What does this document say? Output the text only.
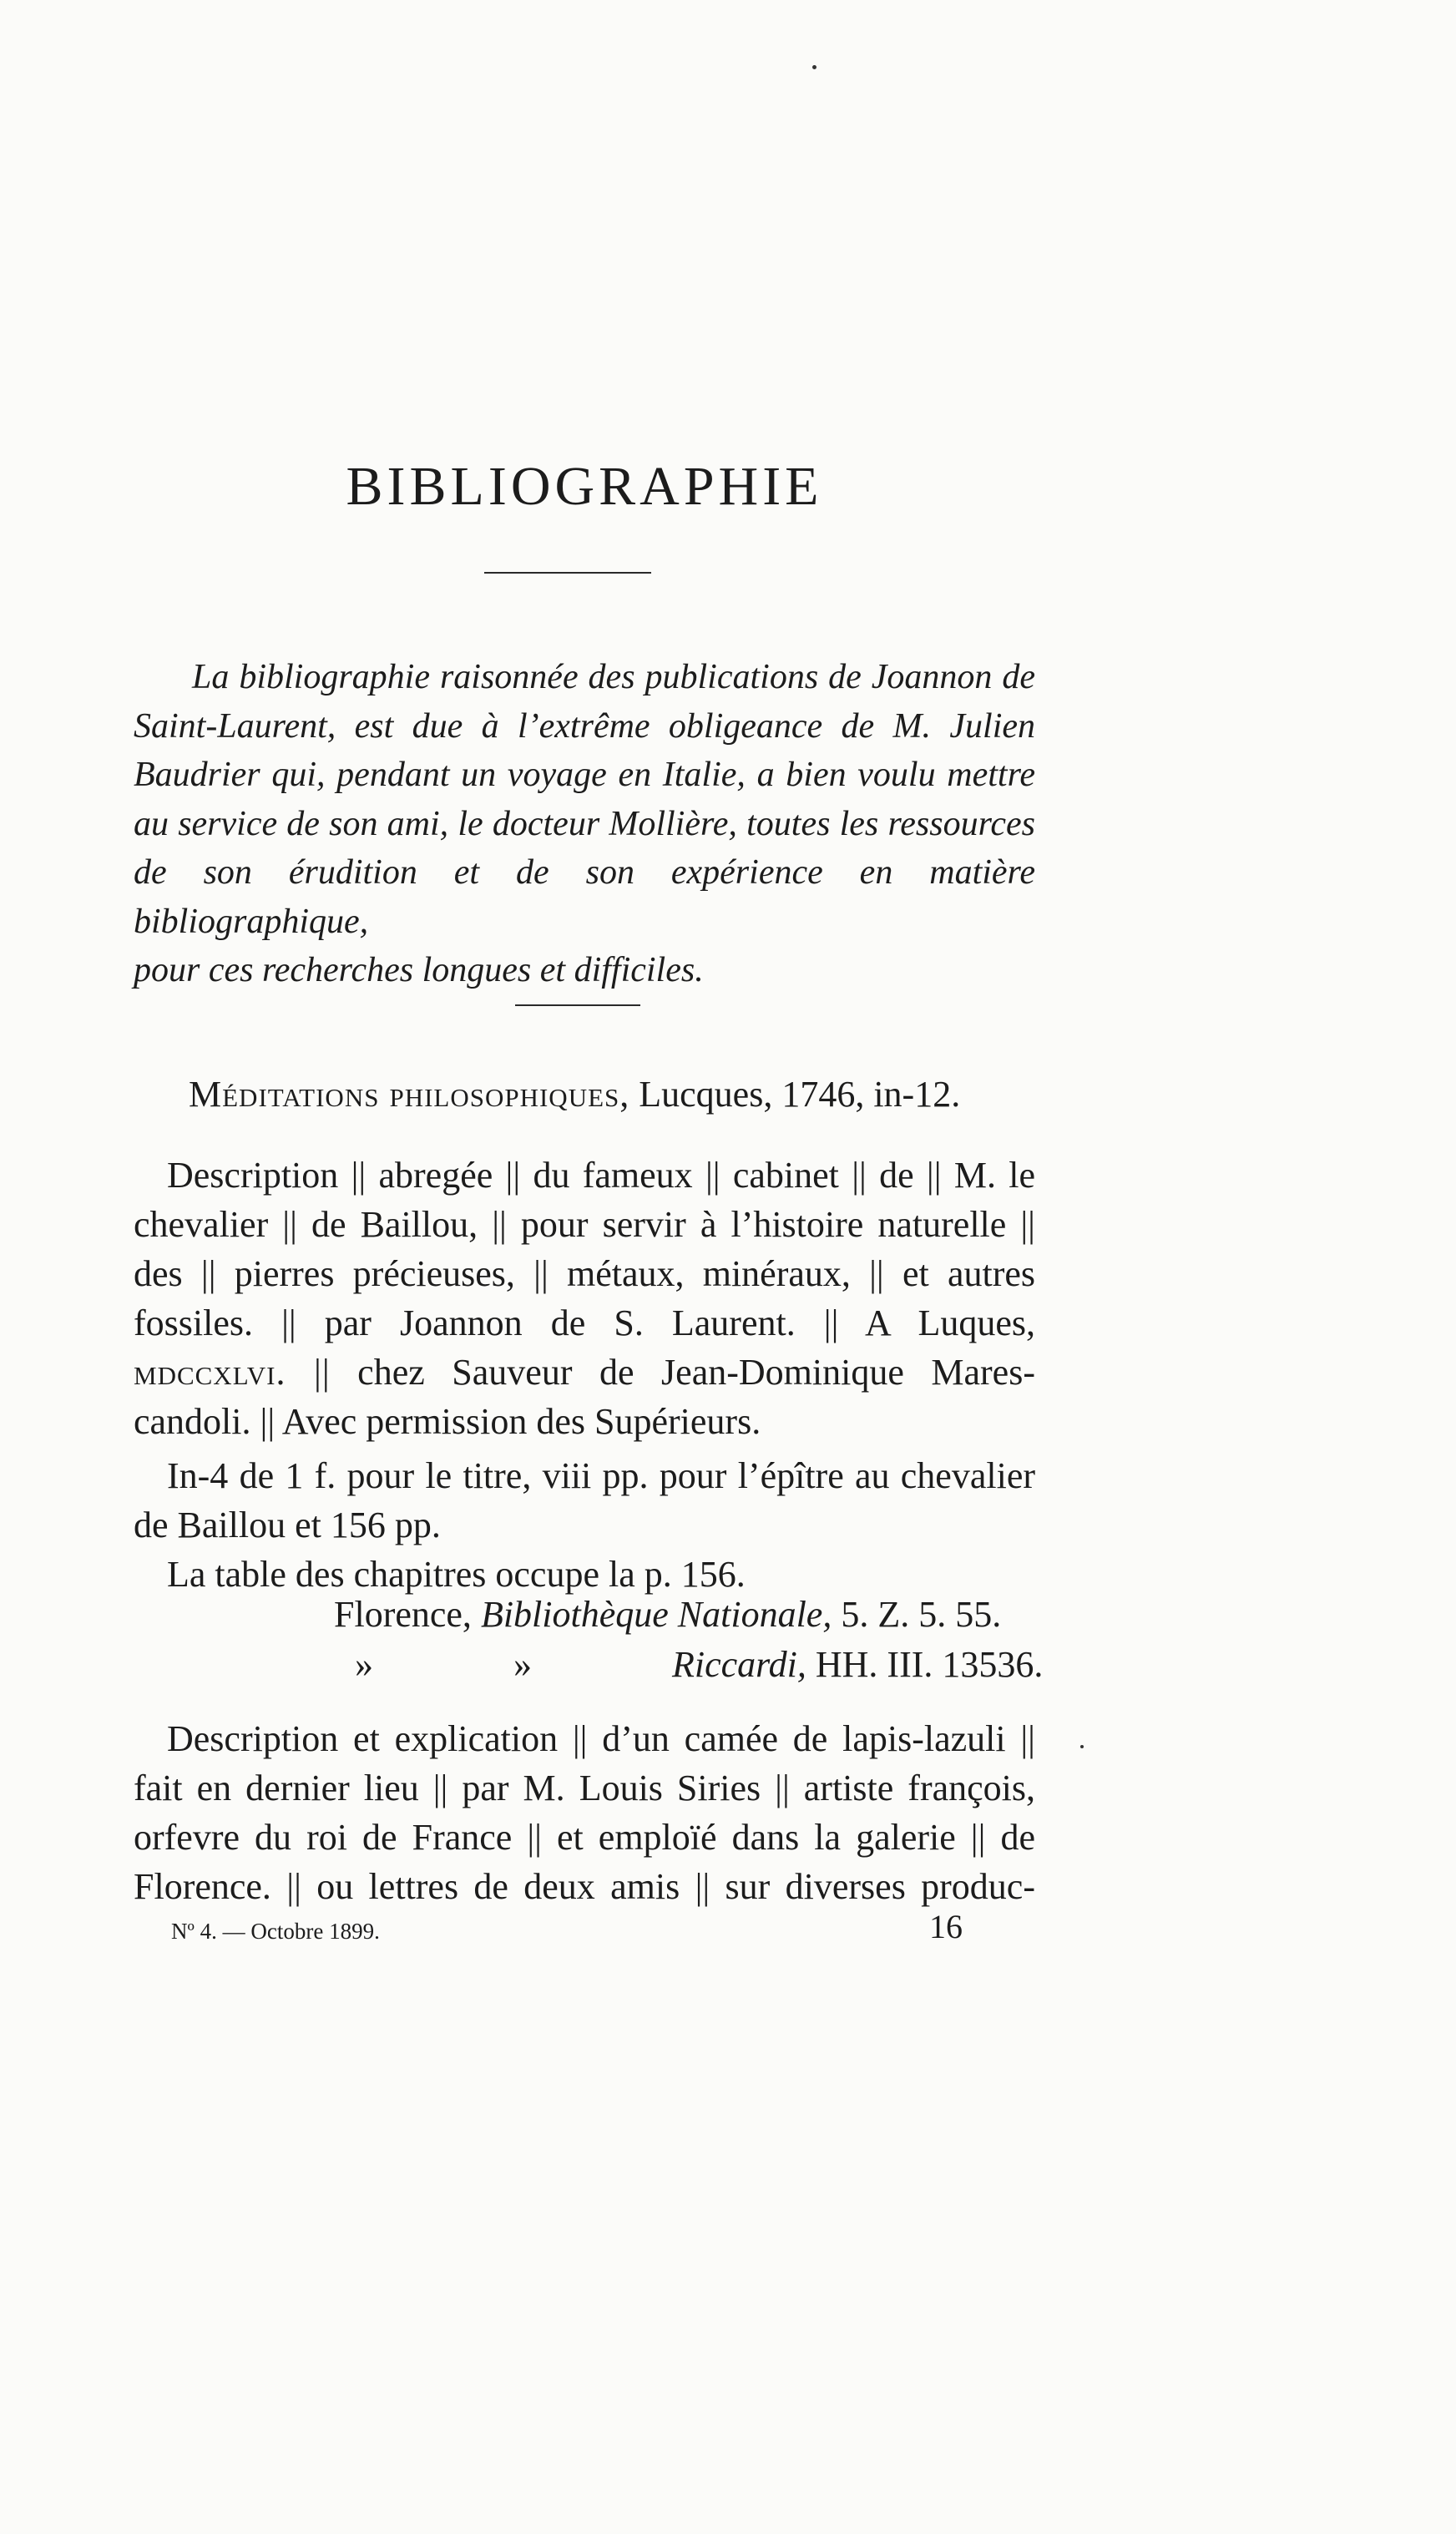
BIBLIOGRAPHIE

La bibliographie raisonnée des publications de Joannon de
Saint-Laurent, est due à l’extrême obligeance de M. Julien
Baudrier qui, pendant un voyage en Italie, a bien voulu mettre
au service de son ami, le docteur Mollière, toutes les ressources
de son érudition et de son expérience en matière bibliographique,
pour ces recherches longues et difficiles.

Méditations philosophiques, Lucques, 1746, in-12.

Description || abregée || du fameux || cabinet || de || M. le
chevalier || de Baillou, || pour servir à l’histoire naturelle ||
des || pierres précieuses, || métaux, minéraux, || et autres
fossiles. || par Joannon de S. Laurent. || A Luques,
mdccxlvi. || chez Sauveur de Jean-Dominique Mares-
candoli. || Avec permission des Supérieurs.

In-4 de 1 f. pour le titre, viii pp. pour l’épître au chevalier
de Baillou et 156 pp.
La table des chapitres occupe la p. 156.

Florence, Bibliothèque Nationale, 5. Z. 5. 55.

»	»	Riccardi, HH. III. 13536.

Description et explication || d’un camée de lapis-lazuli ||
fait en dernier lieu || par M. Louis Siries || artiste françois,
orfevre du roi de France || et emploïé dans la galerie || de
Florence. || ou lettres de deux amis || sur diverses produc-

Nº 4. — Octobre 1899.	16
